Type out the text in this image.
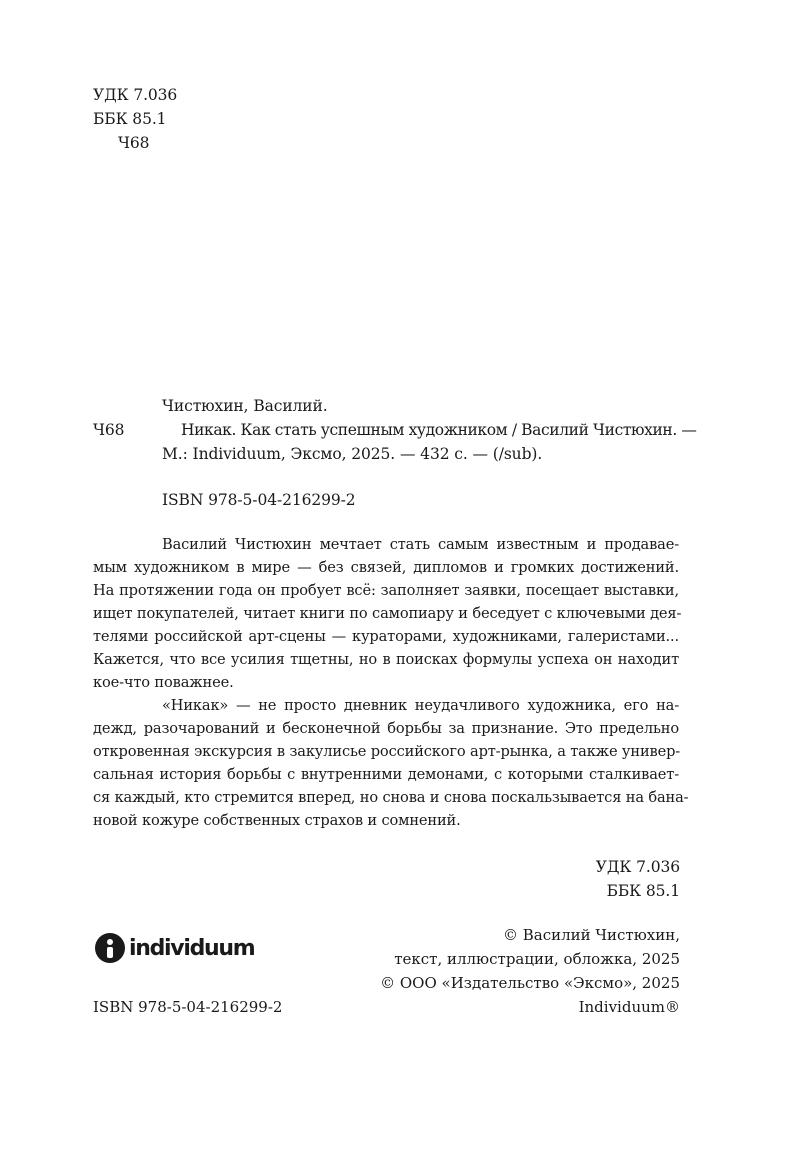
УДК 7.036
ББК 85.1
Ч68
Чистюхин, Василий.
Ч68	Никак. Как стать успешным художником / Василий Чистюхин. —
М.: Individuum, Эксмо, 2025. — 432 с. — (/sub).
ISBN 978-5-04-216299-2
Василий Чистюхин мечтает стать самым известным и продавае-
мым художником в мире — без связей, дипломов и громких достижений.
На протяжении года он пробует всё: заполняет заявки, посещает выставки,
ищет покупателей, читает книги по самопиару и беседует с ключевыми дея-
телями российской арт-сцены — кураторами, художниками, галеристами...
Кажется, что все усилия тщетны, но в поисках формулы успеха он находит
кое-что поважнее.
«Никак» — не просто дневник неудачливого художника, его на-
дежд, разочарований и бесконечной борьбы за признание. Это предельно
откровенная экскурсия в закулисье российского арт-рынка, а также универ-
сальная история борьбы с внутренними демонами, с которыми сталкивает-
ся каждый, кто стремится вперед, но снова и снова поскальзывается на бана-
новой кожуре собственных страхов и сомнений.
УДК 7.036
ББК 85.1
individuum
© Василий Чистюхин,
текст, иллюстрации, обложка, 2025
© ООО «Издательство «Эксмо», 2025
Individuum®
ISBN 978-5-04-216299-2
